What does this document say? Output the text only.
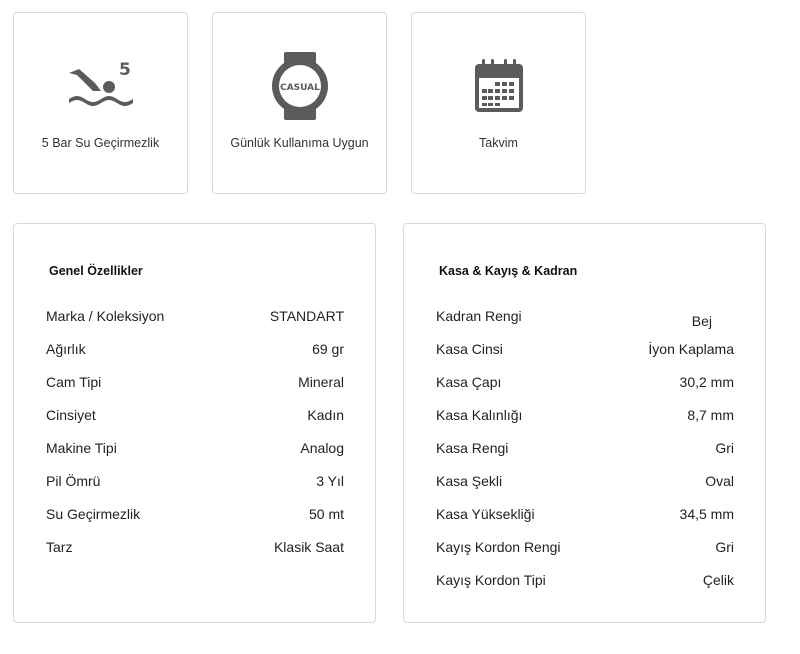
5
5 Bar Su Geçirmezlik
CASUAL
Günlük Kullanıma Uygun	Takvim
Genel Özellikler
Marka / Koleksiyon	STANDART
Ağırlık	69 gr
Cam Tipi	Mineral
Cinsiyet	Kadın
Makine Tipi	Analog
Pil Ömrü	3 Yıl
Su Geçirmezlik	50 mt
Tarz	Klasik Saat
Kasa & Kayış & Kadran
Kadran Rengi	Bej
Kasa Cinsi	İyon Kaplama
Kasa Çapı	30,2 mm
Kasa Kalınlığı	8,7 mm
Kasa Rengi	Gri
Kasa Şekli	Oval
Kasa Yüksekliği	34,5 mm
Kayış Kordon Rengi	Gri
Kayış Kordon Tipi	Çelik
